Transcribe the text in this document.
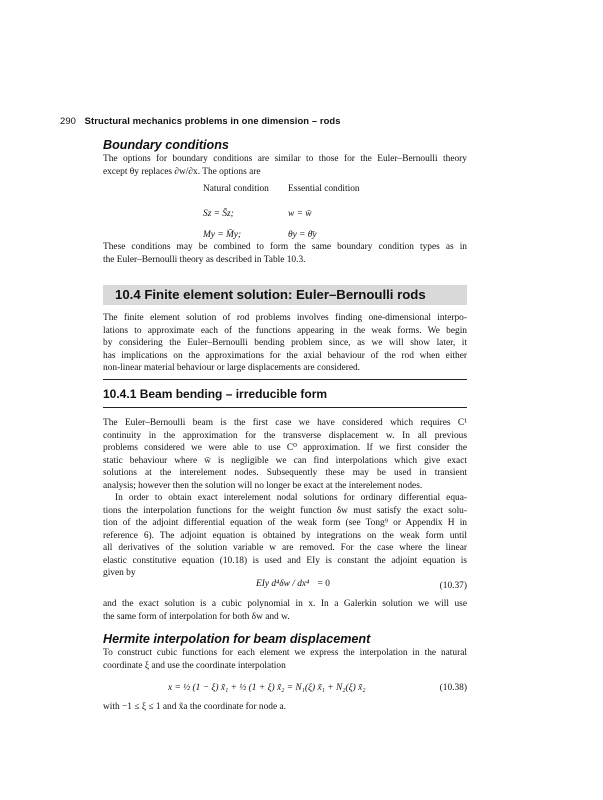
290 Structural mechanics problems in one dimension – rods
Boundary conditions
The options for boundary conditions are similar to those for the Euler–Bernoulli theory
except θy replaces ∂w/∂x. The options are
Natural condition Essential condition
Sz = S̄z;	w = w̄
My = M̄y;	θy = θ̄y
These conditions may be combined to form the same boundary condition types as in
the Euler–Bernoulli theory as described in Table 10.3.
10.4 Finite element solution: Euler–Bernoulli rods
The finite element solution of rod problems involves finding one-dimensional interpo-
lations to approximate each of the functions appearing in the weak forms. We begin
by considering the Euler–Bernoulli bending problem since, as we will show later, it
has implications on the approximations for the axial behaviour of the rod when either
non-linear material behaviour or large displacements are considered.
10.4.1 Beam bending – irreducible form
The Euler–Bernoulli beam is the first case we have considered which requires C¹
continuity in the approximation for the transverse displacement w. In all previous
problems considered we were able to use C⁰ approximation. If we first consider the
static behaviour where w̄ is negligible we can find interpolations which give exact
solutions at the interelement nodes. Subsequently these may be used in transient
analysis; however then the solution will no longer be exact at the interelement nodes.
In order to obtain exact interelement nodal solutions for ordinary differential equa-
tions the interpolation functions for the weight function δw must satisfy the exact solu-
tion of the adjoint differential equation of the weak form (see Tong⁹ or Appendix H in
reference 6). The adjoint equation is obtained by integrations on the weak form until
all derivatives of the solution variable w are removed. For the case where the linear
elastic constitutive equation (10.18) is used and EIy is constant the adjoint equation is
given by
EIy d⁴δw / dx⁴ = 0	(10.37)
and the exact solution is a cubic polynomial in x. In a Galerkin solution we will use
the same form of interpolation for both δw and w.
Hermite interpolation for beam displacement
To construct cubic functions for each element we express the interpolation in the natural
coordinate ξ and use the coordinate interpolation
x = ½ (1 − ξ) x̃₁ + ½ (1 + ξ) x̃₂ = N₁(ξ) x̃₁ + N₂(ξ) x̃₂	(10.38)
with −1 ≤ ξ ≤ 1 and x̃a the coordinate for node a.
